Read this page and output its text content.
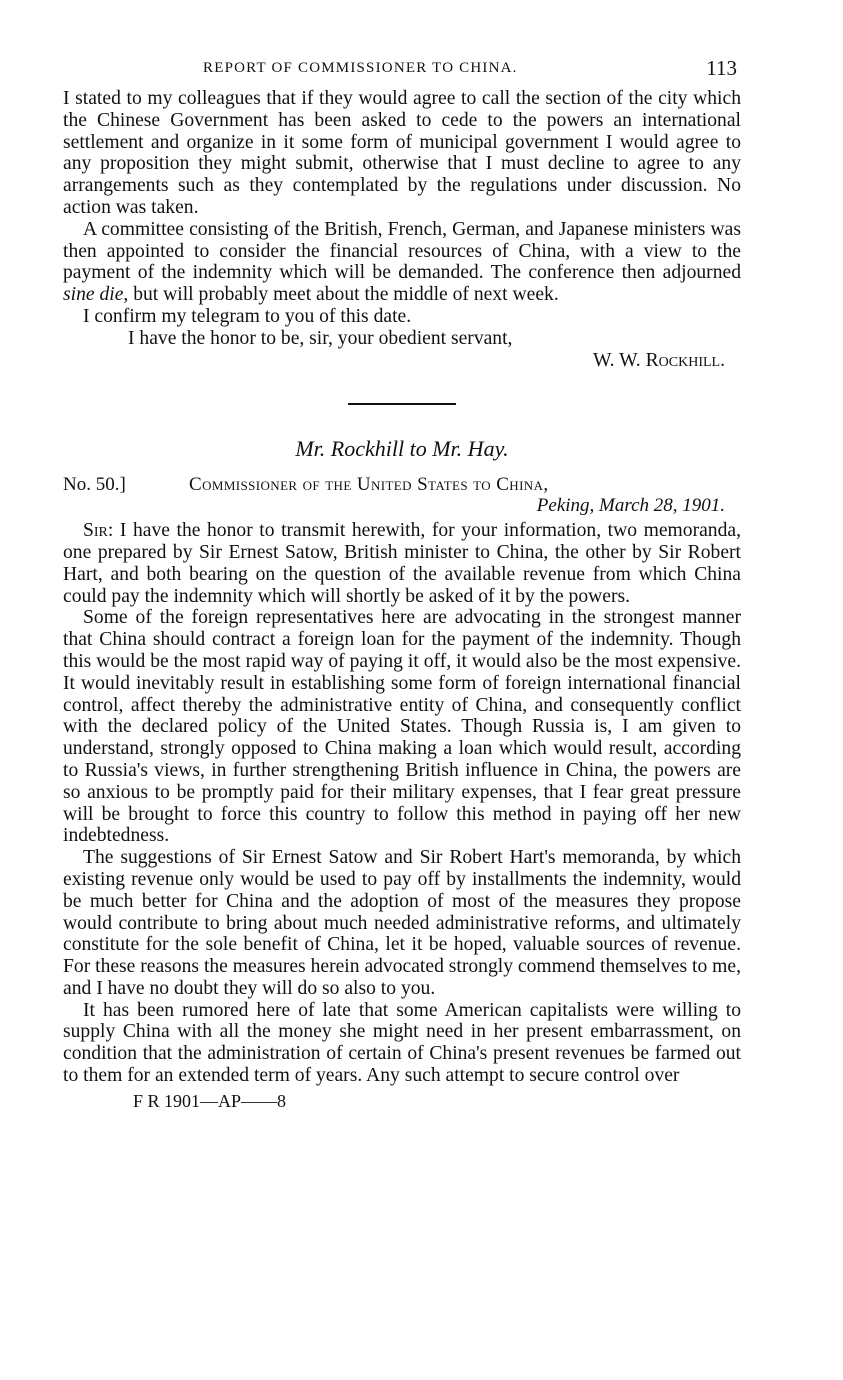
REPORT OF COMMISSIONER TO CHINA.	113

I stated to my colleagues that if they would agree to call the section of the city which the Chinese Government has been asked to cede to the powers an international settlement and organize in it some form of municipal government I would agree to any proposition they might submit, otherwise that I must decline to agree to any arrangements such as they contemplated by the regulations under discussion. No action was taken.

A committee consisting of the British, French, German, and Japanese ministers was then appointed to consider the financial resources of China, with a view to the payment of the indemnity which will be demanded. The conference then adjourned sine die, but will probably meet about the middle of next week.

I confirm my telegram to you of this date.

I have the honor to be, sir, your obedient servant,

W. W. Rockhill.

Mr. Rockhill to Mr. Hay.
No. 50.]	Commissioner of the United States to China,
Peking, March 28, 1901.

Sir: I have the honor to transmit herewith, for your information, two memoranda, one prepared by Sir Ernest Satow, British minister to China, the other by Sir Robert Hart, and both bearing on the question of the available revenue from which China could pay the indemnity which will shortly be asked of it by the powers.

Some of the foreign representatives here are advocating in the strongest manner that China should contract a foreign loan for the payment of the indemnity. Though this would be the most rapid way of paying it off, it would also be the most expensive. It would inevitably result in establishing some form of foreign international financial control, affect thereby the administrative entity of China, and consequently conflict with the declared policy of the United States. Though Russia is, I am given to understand, strongly opposed to China making a loan which would result, according to Russia's views, in further strengthening British influence in China, the powers are so anxious to be promptly paid for their military expenses, that I fear great pressure will be brought to force this country to follow this method in paying off her new indebtedness.

The suggestions of Sir Ernest Satow and Sir Robert Hart's memoranda, by which existing revenue only would be used to pay off by installments the indemnity, would be much better for China and the adoption of most of the measures they propose would contribute to bring about much needed administrative reforms, and ultimately constitute for the sole benefit of China, let it be hoped, valuable sources of revenue. For these reasons the measures herein advocated strongly commend themselves to me, and I have no doubt they will do so also to you.

It has been rumored here of late that some American capitalists were willing to supply China with all the money she might need in her present embarrassment, on condition that the administration of certain of China's present revenues be farmed out to them for an extended term of years. Any such attempt to secure control over

F R 1901—AP——8
